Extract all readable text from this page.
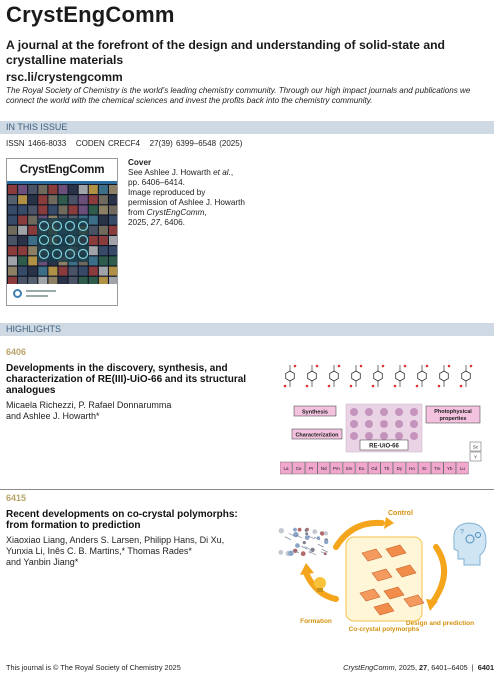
CrystEngComm
A journal at the forefront of the design and understanding of solid-state and crystalline materials
rsc.li/crystengcomm
The Royal Society of Chemistry is the world’s leading chemistry community. Through our high impact journals and publications we connect the world with the chemical sciences and invest the profits back into the chemistry community.
IN THIS ISSUE
ISSN 1466-8033 CODEN CRECF4 27(39) 6399–6548 (2025)
CrystEngComm
Cover
See Ashlee J. Howarth et al.,
pp. 6406–6414.
Image reproduced by
permission of Ashlee J. Howarth
from CrystEngComm,
2025, 27, 6406.
HIGHLIGHTS
6406
Developments in the discovery, synthesis, and
characterization of RE(III)-UiO-66 and its structural
analogues
Micaela Richezzi, P. Rafael Donnarumma
and Ashlee J. Howarth*	Synthesis
Characterization
Photophysical
properties
RE-UiO-66	Sc
Y
La Ce Pr Nd Pm Sm Eu Gd Tb Dy Ho Er Tm Yb Lu
6415
Recent developments on co-crystal polymorphs:
from formation to prediction
Xiaoxiao Liang, Anders S. Larsen, Philipp Hans, Di Xu,
Yunxia Li, Inês C. B. Martins,* Thomas Rades*
and Yanbin Jiang*
Control
Design and prediction
Formation
Co-crystal polymorphs
?
This journal is © The Royal Society of Chemistry 2025	CrystEngComm, 2025, 27, 6401–6405 | 6401
